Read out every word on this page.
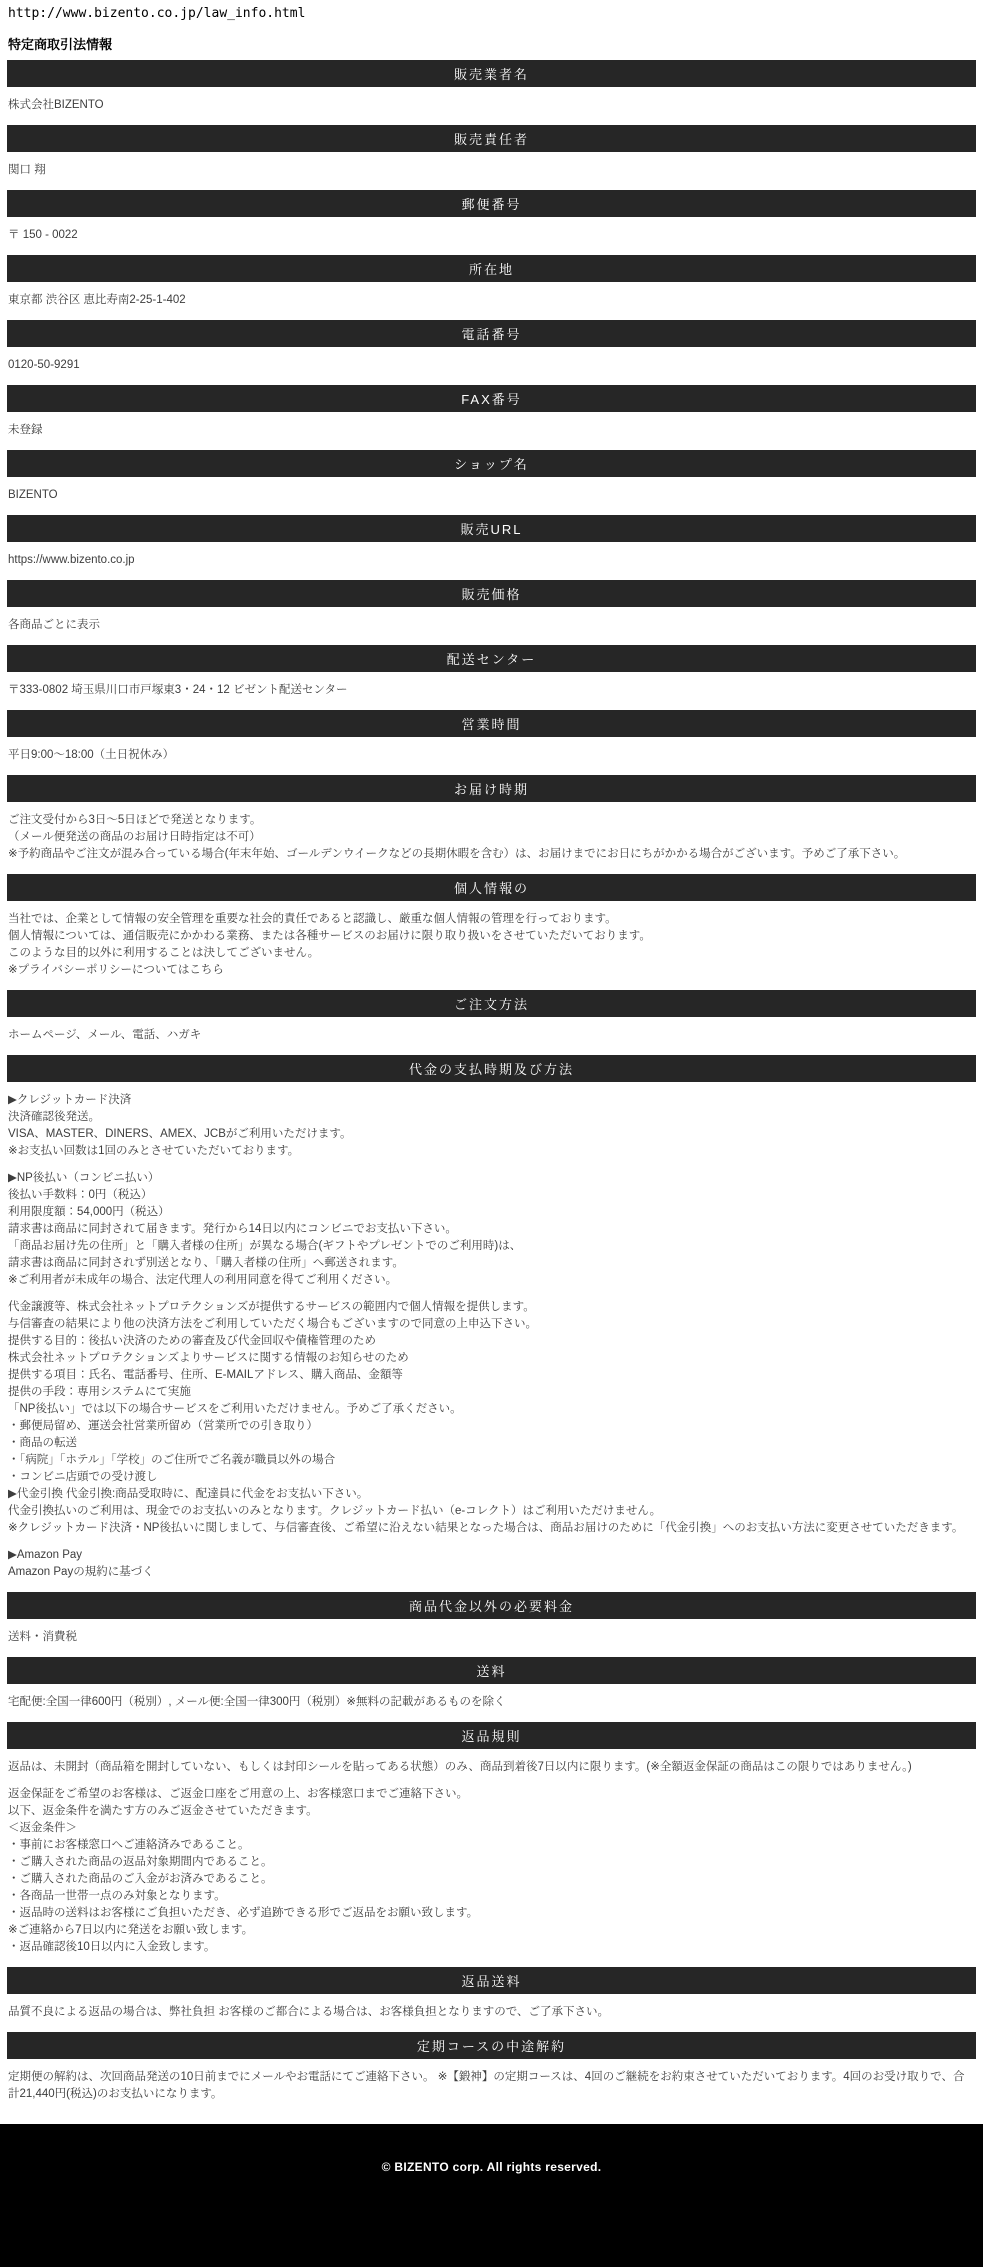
http://www.bizento.co.jp/law_info.html
特定商取引法情報
販売業者名

株式会社BIZENTO

販売責任者

関口 翔

郵便番号

〒 150 - 0022

所在地

東京都 渋谷区 恵比寿南2-25-1-402

電話番号

0120-50-9291

FAX番号

未登録

ショップ名

BIZENTO

販売URL

https://www.bizento.co.jp

販売価格

各商品ごとに表示

配送センター

〒333-0802 埼玉県川口市戸塚東3・24・12 ビゼント配送センター

営業時間

平日9:00〜18:00（土日祝休み）

お届け時期

ご注文受付から3日〜5日ほどで発送となります。

（メール便発送の商品のお届け日時指定は不可）

※予約商品やご注文が混み合っている場合(年末年始、ゴールデンウイークなどの長期休暇を含む）は、お届けまでにお日にちがかかる場合がございます。予めご了承下さい。

個人情報の

当社では、企業として情報の安全管理を重要な社会的責任であると認識し、厳重な個人情報の管理を行っております。

個人情報については、通信販売にかかわる業務、または各種サービスのお届けに限り取り扱いをさせていただいております。

このような目的以外に利用することは決してございません。

※プライバシーポリシーについてはこちら

ご注文方法

ホームページ、メール、電話、ハガキ

代金の支払時期及び方法

▶クレジットカード決済

決済確認後発送。

VISA、MASTER、DINERS、AMEX、JCBがご利用いただけます。

※お支払い回数は1回のみとさせていただいております。

▶NP後払い（コンビニ払い）

後払い手数料：0円（税込）

利用限度額：54,000円（税込）

請求書は商品に同封されて届きます。発行から14日以内にコンビニでお支払い下さい。

「商品お届け先の住所」と「購入者様の住所」が異なる場合(ギフトやプレゼントでのご利用時)は、

請求書は商品に同封されず別送となり、「購入者様の住所」へ郵送されます。

※ご利用者が未成年の場合、法定代理人の利用同意を得てご利用ください。

代金譲渡等、株式会社ネットプロテクションズが提供するサービスの範囲内で個人情報を提供します。

与信審査の結果により他の決済方法をご利用していただく場合もございますので同意の上申込下さい。

提供する目的：後払い決済のための審査及び代金回収や債権管理のため

株式会社ネットプロテクションズよりサービスに関する情報のお知らせのため

提供する項目：氏名、電話番号、住所、E-MAILアドレス、購入商品、金額等

提供の手段：専用システムにて実施

「NP後払い」では以下の場合サービスをご利用いただけません。予めご了承ください。

・郵便局留め、運送会社営業所留め（営業所での引き取り）

・商品の転送

・「病院」「ホテル」「学校」のご住所でご名義が職員以外の場合

・コンビニ店頭での受け渡し

▶代金引換 代金引換:商品受取時に、配達員に代金をお支払い下さい。

代金引換払いのご利用は、現金でのお支払いのみとなります。クレジットカード払い（e-コレクト）はご利用いただけません。

※クレジットカード決済・NP後払いに関しまして、与信審査後、ご希望に沿えない結果となった場合は、商品お届けのために「代金引換」へのお支払い方法に変更させていただきます。

▶Amazon Pay

Amazon Payの規約に基づく

商品代金以外の必要料金

送料・消費税

送料

宅配便:全国一律600円（税別）, メール便:全国一律300円（税別）※無料の記載があるものを除く

返品規則

返品は、未開封（商品箱を開封していない、もしくは封印シールを貼ってある状態）のみ、商品到着後7日以内に限ります。(※全額返金保証の商品はこの限りではありません。)

返金保証をご希望のお客様は、ご返金口座をご用意の上、お客様窓口までご連絡下さい。

以下、返金条件を満たす方のみご返金させていただきます。

＜返金条件＞

・事前にお客様窓口へご連絡済みであること。

・ご購入された商品の返品対象期間内であること。

・ご購入された商品のご入金がお済みであること。

・各商品一世帯一点のみ対象となります。

・返品時の送料はお客様にご負担いただき、必ず追跡できる形でご返品をお願い致します。

※ご連絡から7日以内に発送をお願い致します。

・返品確認後10日以内に入金致します。

返品送料

品質不良による返品の場合は、弊社負担 お客様のご都合による場合は、お客様負担となりますので、ご了承下さい。

定期コースの中途解約

定期便の解約は、次回商品発送の10日前までにメールやお電話にてご連絡下さい。 ※【鍛神】の定期コースは、4回のご継続をお約束させていただいております。4回のお受け取りで、合計21,440円(税込)のお支払いになります。

© BIZENTO corp. All rights reserved.
